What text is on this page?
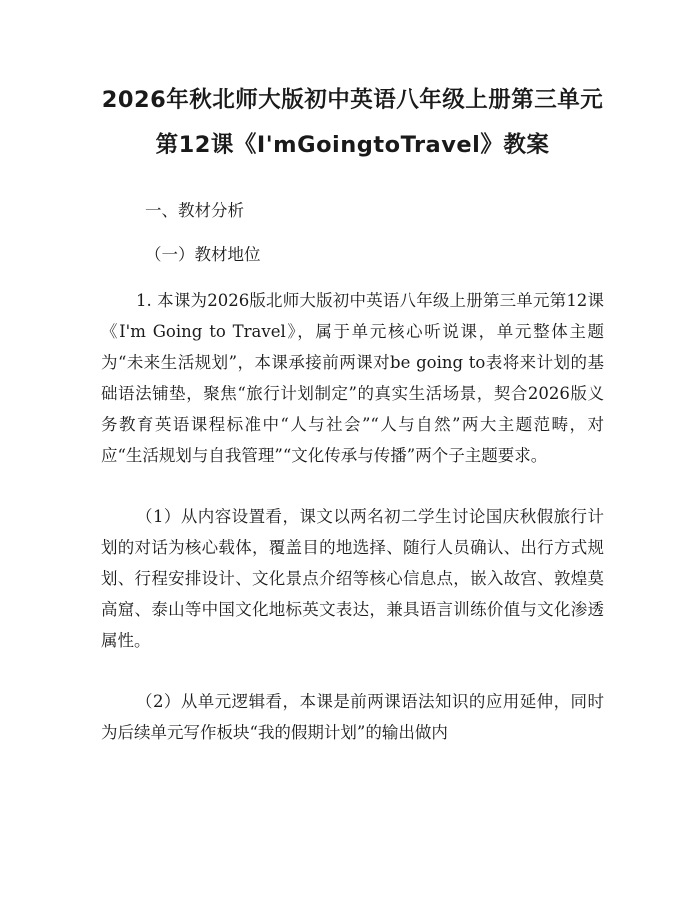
2026年秋北师大版初中英语八年级上册第三单元第12课《I'mGoingtoTravel》教案
一、教材分析
（一）教材地位

1. 本课为2026版北师大版初中英语八年级上册第三单元第12课《I'm Going to Travel》，属于单元核心听说课，单元整体主题为“未来生活规划”，本课承接前两课对be going to表将来计划的基础语法铺垫，聚焦“旅行计划制定”的真实生活场景，契合2026版义务教育英语课程标准中“人与社会”“人与自然”两大主题范畴，对应“生活规划与自我管理”“文化传承与传播”两个子主题要求。

（1）从内容设置看，课文以两名初二学生讨论国庆秋假旅行计划的对话为核心载体，覆盖目的地选择、随行人员确认、出行方式规划、行程安排设计、文化景点介绍等核心信息点，嵌入故宫、敦煌莫高窟、泰山等中国文化地标英文表达，兼具语言训练价值与文化渗透属性。

（2）从单元逻辑看，本课是前两课语法知识的应用延伸，同时为后续单元写作板块“我的假期计划”的输出做内
